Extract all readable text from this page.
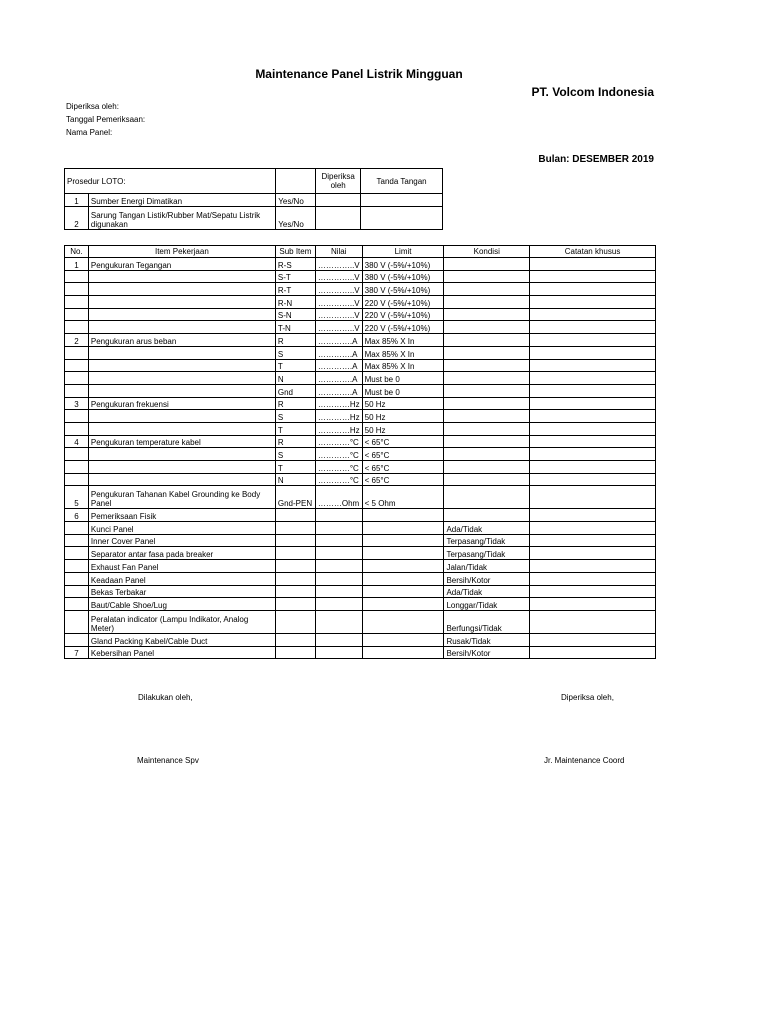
Maintenance Panel Listrik Mingguan
PT. Volcom Indonesia
Diperiksa oleh:
Tanggal Pemeriksaan:
Nama Panel:
Bulan: DESEMBER 2019
Prosedur LOTO:			Diperiksa oleh	Tanda Tangan
1	Sumber Energi Dimatikan	Yes/No		
2	Sarung Tangan Listik/Rubber Mat/Sepatu Listrik digunakan	Yes/No		
No.	Item Pekerjaan	Sub Item	Nilai	Limit	Kondisi	Catatan khusus
1	Pengukuran Tegangan	R-S	…………..V	380 V (-5%/+10%)		
		S-T	…………..V	380 V (-5%/+10%)		
		R-T	…………..V	380 V (-5%/+10%)		
		R-N	…………..V	220 V (-5%/+10%)		
		S-N	…………..V	220 V (-5%/+10%)		
		T-N	…………..V	220 V (-5%/+10%)		
2	Pengukuran arus beban	R	………….A	Max 85% X In		
		S	………….A	Max 85% X In		
		T	………….A	Max 85% X In		
		N	………….A	Must be 0		
		Gnd	………….A	Must be 0		
3	Pengukuran frekuensi	R	…………Hz	50 Hz		
		S	…………Hz	50 Hz		
		T	…………Hz	50 Hz		
4	Pengukuran temperature kabel	R	…………°C	< 65°C		
		S	…………°C	< 65°C		
		T	…………°C	< 65°C		
		N	…………°C	< 65°C		
5	Pengukuran Tahanan Kabel Grounding ke Body Panel	Gnd-PEN	………Ohm	< 5 Ohm		
6	Pemeriksaan Fisik					
	Kunci Panel				Ada/Tidak	
	Inner Cover Panel				Terpasang/Tidak	
	Separator antar fasa pada breaker				Terpasang/Tidak	
	Exhaust Fan Panel				Jalan/Tidak	
	Keadaan Panel				Bersih/Kotor	
	Bekas Terbakar				Ada/Tidak	
	Baut/Cable Shoe/Lug				Longgar/Tidak	
	Peralatan indicator (Lampu Indikator, Analog Meter)				Berfungsi/Tidak	
	Gland Packing Kabel/Cable Duct				Rusak/Tidak	
7	Kebersihan Panel				Bersih/Kotor	
Dilakukan oleh,	Diperiksa oleh,
Maintenance Spv	Jr. Maintenance Coord
